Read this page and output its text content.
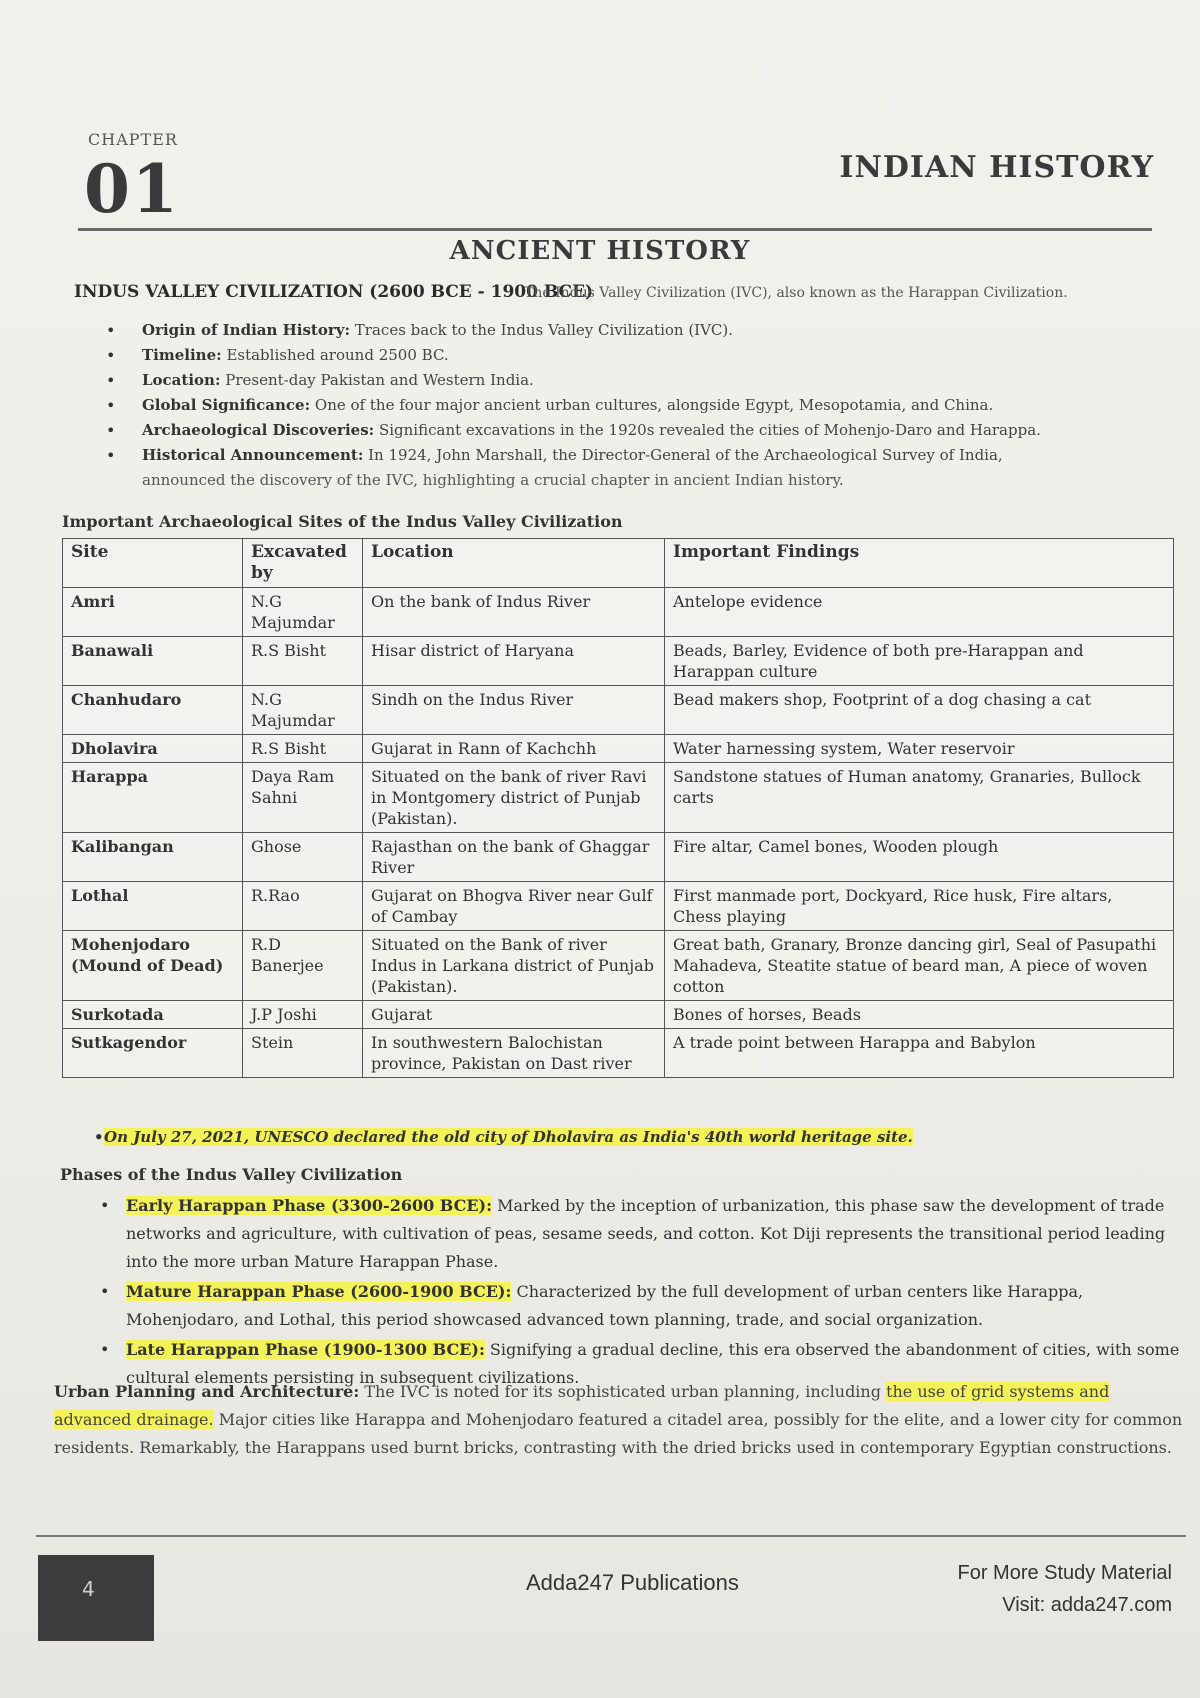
CHAPTER
01	INDIAN HISTORY
ANCIENT HISTORY
INDUS VALLEY CIVILIZATION (2600 BCE - 1900 BCE)
The Indus Valley Civilization (IVC), also known as the Harappan Civilization.
• Origin of Indian History: Traces back to the Indus Valley Civilization (IVC).
• Timeline: Established around 2500 BC.
• Location: Present-day Pakistan and Western India.
• Global Significance: One of the four major ancient urban cultures, alongside Egypt, Mesopotamia, and China.
• Archaeological Discoveries: Significant excavations in the 1920s revealed the cities of Mohenjo-Daro and Harappa.
• Historical Announcement: In 1924, John Marshall, the Director-General of the Archaeological Survey of India,
announced the discovery of the IVC, highlighting a crucial chapter in ancient Indian history.
Important Archaeological Sites of the Indus Valley Civilization
Site	Excavated by	Location	Important Findings
Amri	N.G Majumdar	On the bank of Indus River	Antelope evidence
Banawali	R.S Bisht	Hisar district of Haryana	Beads, Barley, Evidence of both pre-Harappan and Harappan culture
Chanhudaro	N.G Majumdar	Sindh on the Indus River	Bead makers shop, Footprint of a dog chasing a cat
Dholavira	R.S Bisht	Gujarat in Rann of Kachchh	Water harnessing system, Water reservoir
Harappa	Daya Ram Sahni	Situated on the bank of river Ravi in Montgomery district of Punjab (Pakistan).	Sandstone statues of Human anatomy, Granaries, Bullock carts
Kalibangan	Ghose	Rajasthan on the bank of Ghaggar River	Fire altar, Camel bones, Wooden plough
Lothal	R.Rao	Gujarat on Bhogva River near Gulf of Cambay	First manmade port, Dockyard, Rice husk, Fire altars, Chess playing
Mohenjodaro (Mound of Dead)	R.D Banerjee	Situated on the Bank of river Indus in Larkana district of Punjab (Pakistan).	Great bath, Granary, Bronze dancing girl, Seal of Pasupathi Mahadeva, Steatite statue of beard man, A piece of woven cotton
Surkotada	J.P Joshi	Gujarat	Bones of horses, Beads
Sutkagendor	Stein	In southwestern Balochistan province, Pakistan on Dast river	A trade point between Harappa and Babylon
• On July 27, 2021, UNESCO declared the old city of Dholavira as India's 40th world heritage site.
Phases of the Indus Valley Civilization
• Early Harappan Phase (3300-2600 BCE): Marked by the inception of urbanization, this phase saw the development of trade networks and agriculture, with cultivation of peas, sesame seeds, and cotton. Kot Diji represents the transitional period leading into the more urban Mature Harappan Phase.
• Mature Harappan Phase (2600-1900 BCE): Characterized by the full development of urban centers like Harappa, Mohenjodaro, and Lothal, this period showcased advanced town planning, trade, and social organization.
• Late Harappan Phase (1900-1300 BCE): Signifying a gradual decline, this era observed the abandonment of cities, with some cultural elements persisting in subsequent civilizations.
Urban Planning and Architecture: The IVC is noted for its sophisticated urban planning, including the use of grid systems and advanced drainage. Major cities like Harappa and Mohenjodaro featured a citadel area, possibly for the elite, and a lower city for common residents. Remarkably, the Harappans used burnt bricks, contrasting with the dried bricks used in contemporary Egyptian constructions.
4	Adda247 Publications	For More Study Material
Visit: adda247.com
